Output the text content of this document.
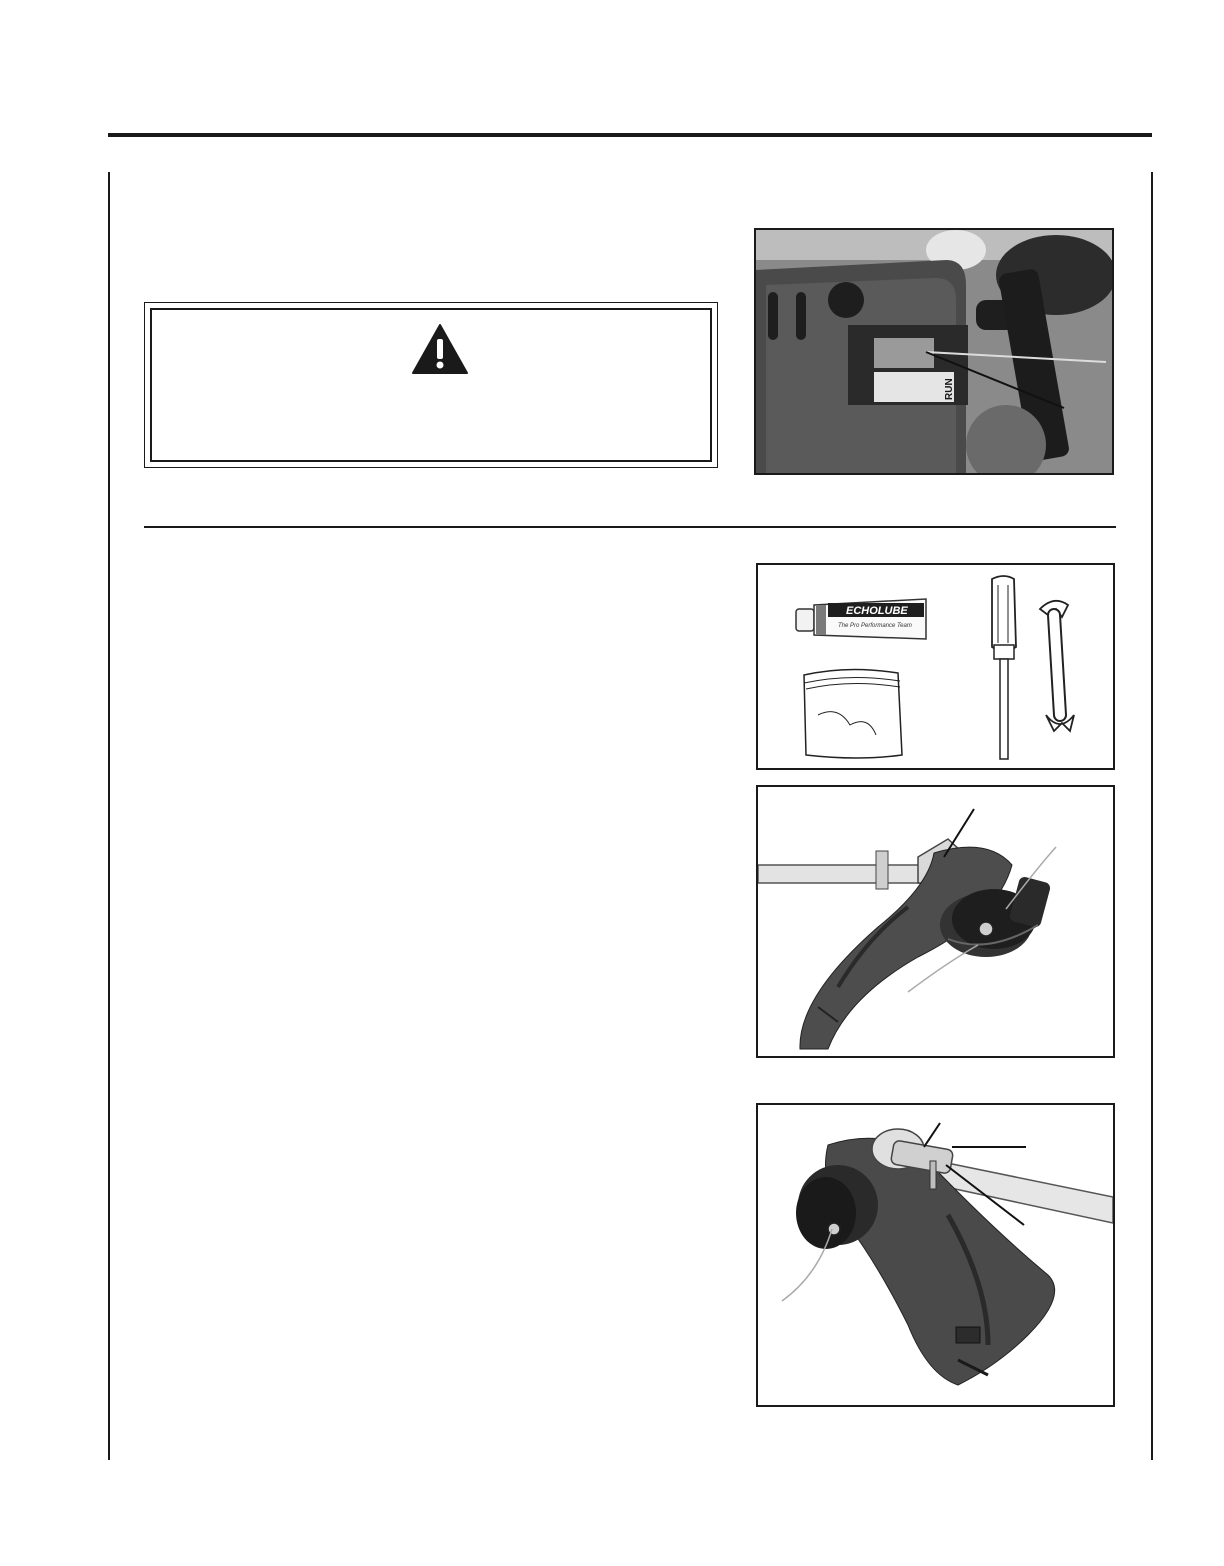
RUN
ECHOLUBE
The Pro Performance Team
